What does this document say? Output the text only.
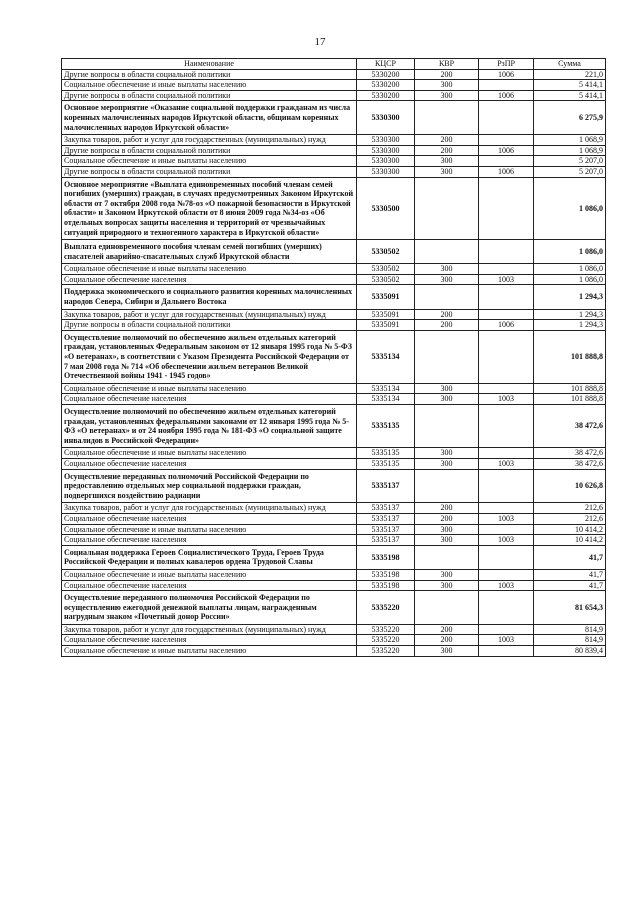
17
Наименование	КЦСР	КВР	РзПР	Сумма
Другие вопросы в области социальной политики	5330200	200	1006	221,0
Социальное обеспечение и иные выплаты населению	5330200	300		5 414,1
Другие вопросы в области социальной политики	5330200	300	1006	5 414,1
Основное мероприятие «Оказание социальной поддержки гражданам из числа коренных малочисленных народов Иркутской области, общинам коренных малочисленных народов Иркутской области»	5330300			6 275,9
Закупка товаров, работ и услуг для государственных (муниципальных) нужд	5330300	200		1 068,9
Другие вопросы в области социальной политики	5330300	200	1006	1 068,9
Социальное обеспечение и иные выплаты населению	5330300	300		5 207,0
Другие вопросы в области социальной политики	5330300	300	1006	5 207,0
Основное мероприятие «Выплата единовременных пособий членам семей погибших (умерших) граждан, в случаях предусмотренных Законом Иркутской области от 7 октября 2008 года №78-оз «О пожарной безопасности в Иркутской области» и Законом Иркутской области от 8 июня 2009 года №34-оз «Об отдельных вопросах защиты населения и территорий от чрезвычайных ситуаций природного и техногенного характера в Иркутской области»	5330500			1 086,0
Выплата единовременного пособия членам семей погибших (умерших) спасателей аварийно-спасательных служб Иркутской области	5330502			1 086,0
Социальное обеспечение и иные выплаты населению	5330502	300		1 086,0
Социальное обеспечение населения	5330502	300	1003	1 086,0
Поддержка экономического и социального развития коренных малочисленных народов Севера, Сибири и Дальнего Востока	5335091			1 294,3
Закупка товаров, работ и услуг для государственных (муниципальных) нужд	5335091	200		1 294,3
Другие вопросы в области социальной политики	5335091	200	1006	1 294,3
Осуществление полномочий по обеспечению жильем отдельных категорий граждан, установленных Федеральным законом от 12 января 1995 года № 5-ФЗ «О ветеранах», в соответствии с Указом Президента Российской Федерации от 7 мая 2008 года № 714 «Об обеспечении жильем ветеранов Великой Отечественной войны 1941 - 1945 годов»	5335134			101 888,8
Социальное обеспечение и иные выплаты населению	5335134	300		101 888,8
Социальное обеспечение населения	5335134	300	1003	101 888,8
Осуществление полномочий по обеспечению жильем отдельных категорий граждан, установленных федеральными законами от 12 января 1995 года № 5-ФЗ «О ветеранах» и от 24 ноября 1995 года № 181-ФЗ «О социальной защите инвалидов в Российской Федерации»	5335135			38 472,6
Социальное обеспечение и иные выплаты населению	5335135	300		38 472,6
Социальное обеспечение населения	5335135	300	1003	38 472,6
Осуществление переданных полномочий Российской Федерации по предоставлению отдельных мер социальной поддержки граждан, подвергшихся воздействию радиации	5335137			10 626,8
Закупка товаров, работ и услуг для государственных (муниципальных) нужд	5335137	200		212,6
Социальное обеспечение населения	5335137	200	1003	212,6
Социальное обеспечение и иные выплаты населению	5335137	300		10 414,2
Социальное обеспечение населения	5335137	300	1003	10 414,2
Социальная поддержка Героев Социалистического Труда, Героев Труда Российской Федерации и полных кавалеров ордена Трудовой Славы	5335198			41,7
Социальное обеспечение и иные выплаты населению	5335198	300		41,7
Социальное обеспечение населения	5335198	300	1003	41,7
Осуществление переданного полномочия Российской Федерации по осуществлению ежегодной денежной выплаты лицам, награжденным нагрудным знаком «Почетный донор России»	5335220			81 654,3
Закупка товаров, работ и услуг для государственных (муниципальных) нужд	5335220	200		814,9
Социальное обеспечение населения	5335220	200	1003	814,9
Социальное обеспечение и иные выплаты населению	5335220	300		80 839,4
